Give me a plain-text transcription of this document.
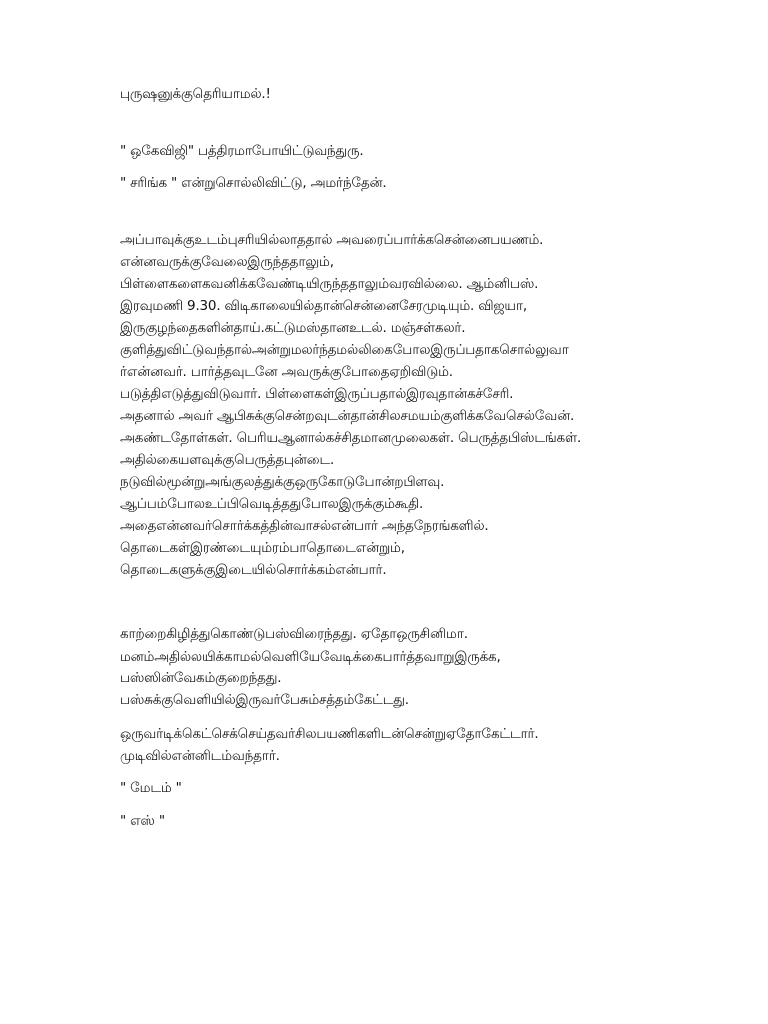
புருஷனுக்குதெரியாமல்.!
" ஒகேவிஜி" பத்திரமாபோயிட்டுவந்துரு.
" சரிங்க " என்றுசொல்லிவிட்டு, அமர்ந்தேன்.
அப்பாவுக்குஉடம்புசரியில்லாததால் அவரைப்பார்க்கசென்னைபயணம்.
என்னவருக்குவேலைஇருந்ததாலும்,
பிள்ளைகளைகவனிக்கவேண்டியிருந்ததாலும்வரவில்லை. ஆம்னிபஸ்.
இரவுமணி 9.30. விடிகாலையில்தான்சென்னைசேரமுடியும். விஜயா,
இருகுழந்தைகளின்தாய்.கட்டுமஸ்தானஉடல். மஞ்சள்கலர்.
குளித்துவிட்டுவந்தால்அன்றுமலர்ந்தமல்லிகைபோலஇருப்பதாகசொல்லுவா
ர்என்னவர். பார்த்தவுடனே அவருக்குபோதைஏறிவிடும்.
படுத்திஎடுத்துவிடுவார். பிள்ளைகள்இருப்பதால்இரவுதான்கச்சேரி.
அதனால் அவர் ஆபிசுக்குசென்றவுடன்தான்சிலசமயம்குளிக்கவேசெல்வேன்.
அகண்டதோள்கள். பெரியஆனால்கச்சிதமானமுலைகள். பெருத்தபிஸ்டங்கள்.
அதில்கையளவுக்குபெருத்தபுன்டை.
நடுவில்மூன்றுஅங்குலத்துக்குஒருகோடுபோன்றபிளவு.
ஆப்பம்போலஉப்பிவெடித்ததுபோலஇருக்கும்கூதி.
அதைஎன்னவர்சொர்க்கத்தின்வாசல்என்பார் அந்தநேரங்களில்.
தொடைகள்இரண்டையும்ரம்பாதொடைஎன்றும்,
தொடைகளுக்குஇடையில்சொர்க்கம்என்பார்.
காற்றைகிழித்துகொண்டுபஸ்விரைந்தது. ஏதோஒருசினிமா.
மனம்அதில்லயிக்காமல்வெளியேவேடிக்கைபார்த்தவாறுஇருக்க,
பஸ்ஸின்வேகம்குறைந்தது.
பஸ்சுக்குவெளியில்இருவர்பேசும்சத்தம்கேட்டது.
ஒருவர்டிக்கெட்செக்செய்தவர்சிலபயணிகளிடன்சென்றுஏதோகேட்டார்.
முடிவில்என்னிடம்வந்தார்.
" மேடம் "
" எஸ் "
